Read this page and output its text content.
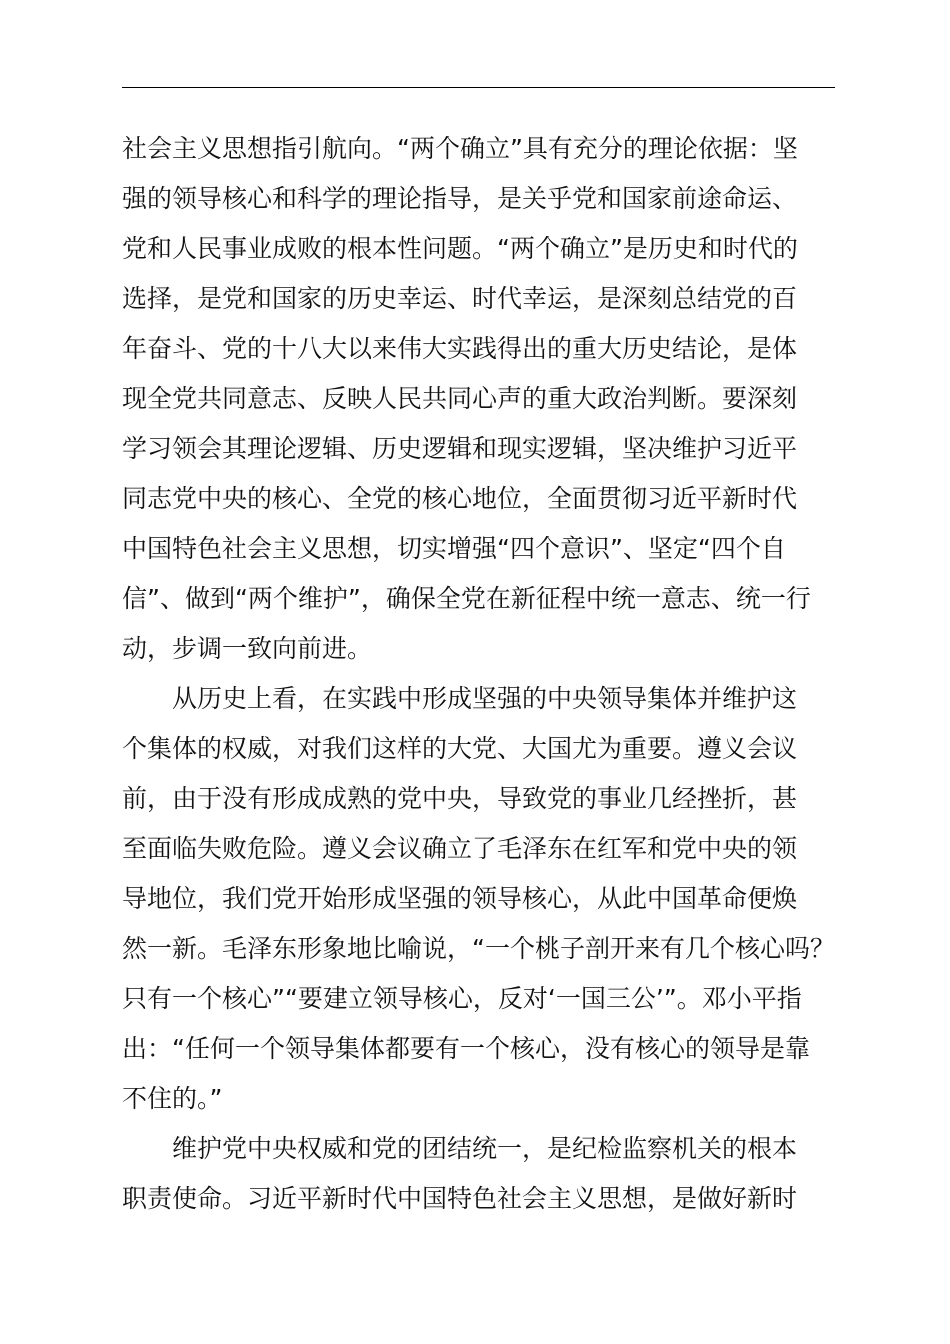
社会主义思想指引航向。“两个确立”具有充分的理论依据：坚
强的领导核心和科学的理论指导，是关乎党和国家前途命运、
党和人民事业成败的根本性问题。“两个确立”是历史和时代的
选择，是党和国家的历史幸运、时代幸运，是深刻总结党的百
年奋斗、党的十八大以来伟大实践得出的重大历史结论，是体
现全党共同意志、反映人民共同心声的重大政治判断。要深刻
学习领会其理论逻辑、历史逻辑和现实逻辑，坚决维护习近平
同志党中央的核心、全党的核心地位，全面贯彻习近平新时代
中国特色社会主义思想，切实增强“四个意识”、坚定“四个自
信”、做到“两个维护”，确保全党在新征程中统一意志、统一行
动，步调一致向前进。
从历史上看，在实践中形成坚强的中央领导集体并维护这
个集体的权威，对我们这样的大党、大国尤为重要。遵义会议
前，由于没有形成成熟的党中央，导致党的事业几经挫折，甚
至面临失败危险。遵义会议确立了毛泽东在红军和党中央的领
导地位，我们党开始形成坚强的领导核心，从此中国革命便焕
然一新。毛泽东形象地比喻说，“一个桃子剖开来有几个核心吗？
只有一个核心”“要建立领导核心，反对‘一国三公’”。邓小平指
出：“任何一个领导集体都要有一个核心，没有核心的领导是靠
不住的。”
维护党中央权威和党的团结统一，是纪检监察机关的根本
职责使命。习近平新时代中国特色社会主义思想，是做好新时
